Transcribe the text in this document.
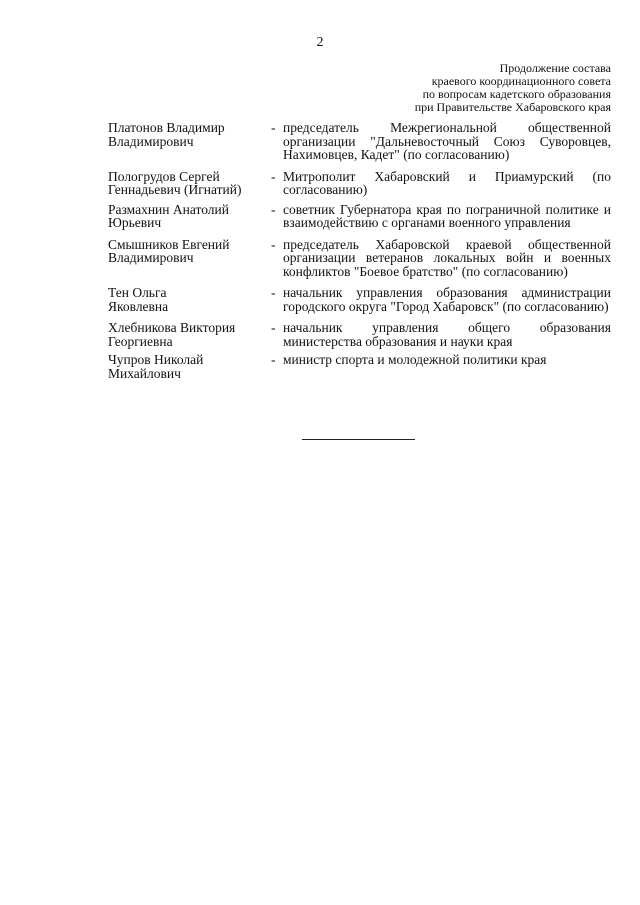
2
Продолжение состава
краевого координационного совета
по вопросам кадетского образования
при Правительстве Хабаровского края
Платонов Владимир
Владимирович
- председатель Межрегиональной общественной организации "Дальневосточный Союз Суворовцев, Нахимовцев, Кадет" (по согласованию)
Пологрудов Сергей
Геннадьевич (Игнатий)
- Митрополит Хабаровский и Приамурский (по согласованию)
Размахнин Анатолий
Юрьевич
- советник Губернатора края по пограничной политике и взаимодействию с органами военного управления
Смышников Евгений
Владимирович
- председатель Хабаровской краевой общественной организации ветеранов локальных войн и военных конфликтов "Боевое братство" (по согласованию)
Тен Ольга
Яковлевна
- начальник управления образования администрации городского округа "Город Хабаровск" (по согласованию)
Хлебникова Виктория
Георгиевна
- начальник управления общего образования министерства образования и науки края
Чупров Николай
Михайлович
- министр спорта и молодежной политики края
